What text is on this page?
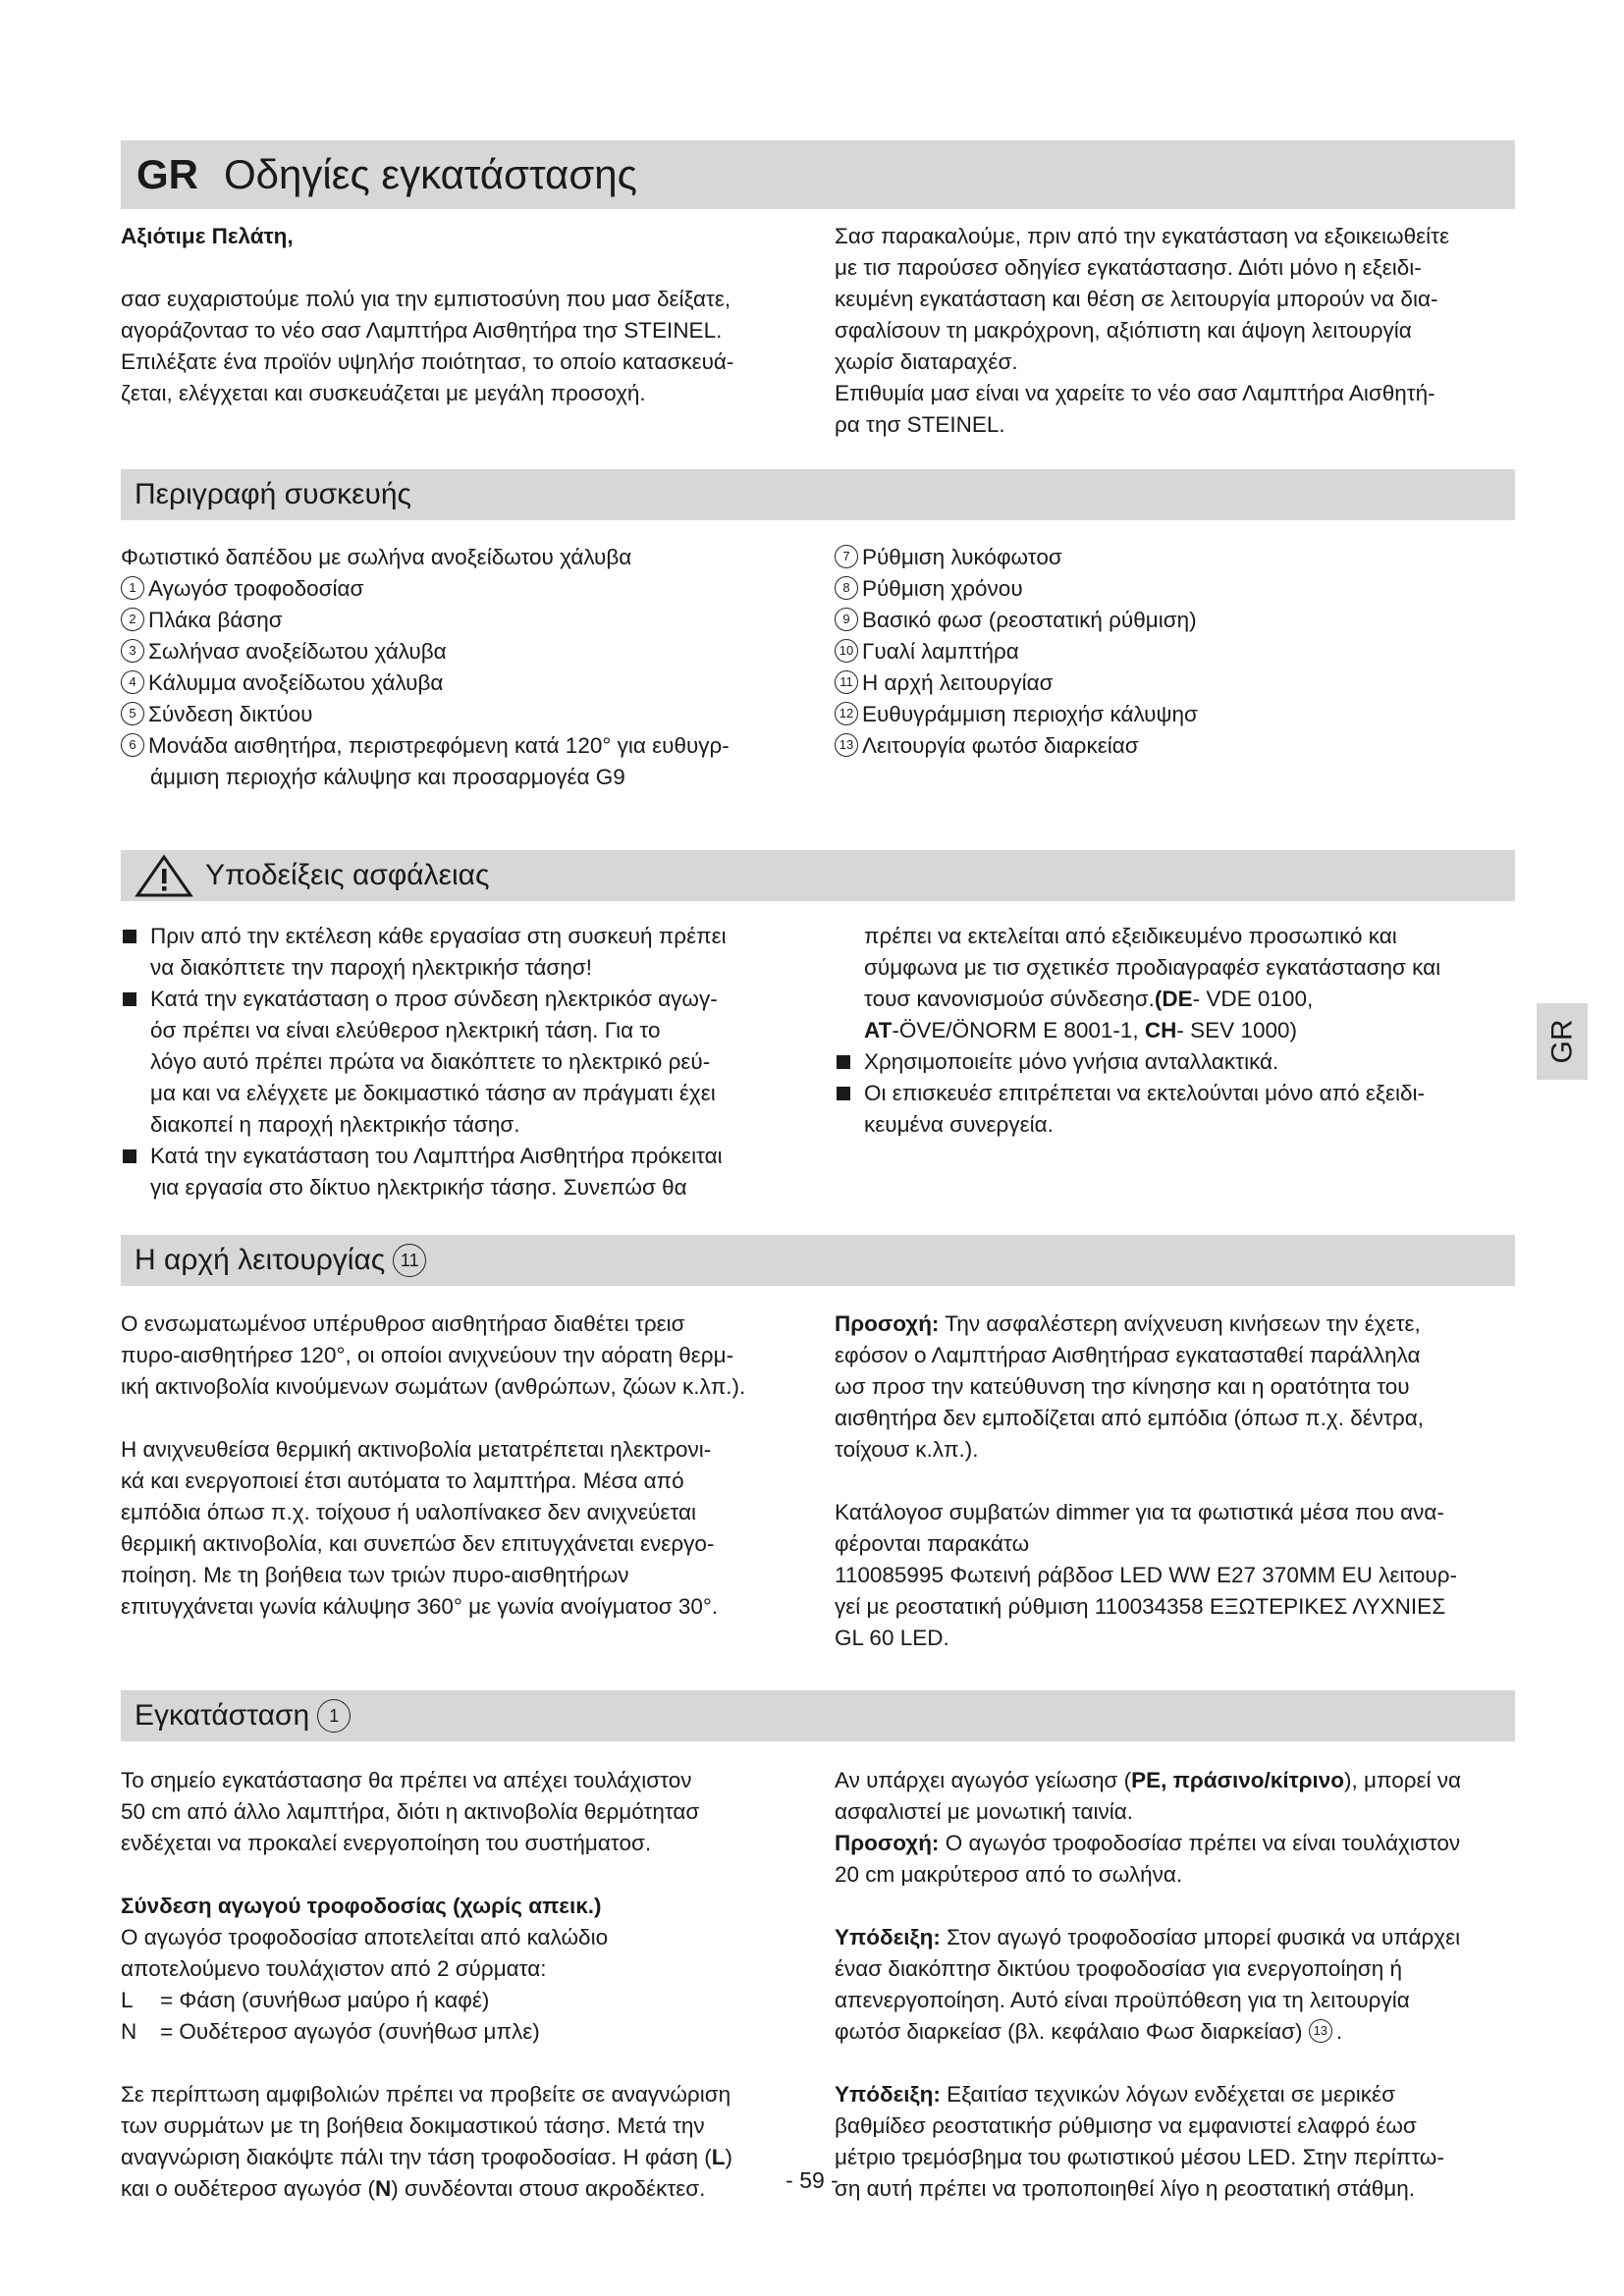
GR Οδηγίες εγκατάστασης

Αξιότιμε Πελάτη,

σασ ευχαριστούμε πολύ για την εμπιστοσύνη που μασ δείξατε,

αγοράζοντασ το νέο σασ Λαμπτήρα Αισθητήρα τησ STEINEL.

Επιλέξατε ένα προϊόν υψηλήσ ποιότητασ, το οποίο κατασκευά-

ζεται, ελέγχεται και συσκευάζεται με μεγάλη προσοχή.

Σασ παρακαλούμε, πριν από την εγκατάσταση να εξοικειωθείτε

με τισ παρούσεσ οδηγίεσ εγκατάστασησ. Διότι μόνο η εξειδι-

κευμένη εγκατάσταση και θέση σε λειτουργία μπορούν να δια-

σφαλίσουν τη μακρόχρονη, αξιόπιστη και άψογη λειτουργία

χωρίσ διαταραχέσ.

Επιθυμία μασ είναι να χαρείτε το νέο σασ Λαμπτήρα Αισθητή-

ρα τησ STEINEL.

Περιγραφή συσκευής

Φωτιστικό δαπέδου με σωλήνα ανοξείδωτου χάλυβα

1 Αγωγόσ τροφοδοσίασ

2 Πλάκα βάσησ

3 Σωλήνασ ανοξείδωτου χάλυβα

4 Κάλυμμα ανοξείδωτου χάλυβα

5 Σύνδεση δικτύου

6 Μονάδα αισθητήρα, περιστρεφόμενη κατά 120° για ευθυγρ-

άμμιση περιοχήσ κάλυψησ και προσαρμογέα G9

7 Ρύθμιση λυκόφωτοσ

8 Ρύθμιση χρόνου

9 Βασικό φωσ (ρεοστατική ρύθμιση)

10 Γυαλί λαμπτήρα

11 Η αρχή λειτουργίασ

12 Ευθυγράμμιση περιοχήσ κάλυψησ

13 Λειτουργία φωτόσ διαρκείασ

Υποδείξεις ασφάλειας

Πριν από την εκτέλεση κάθε εργασίασ στη συσκευή πρέπει

να διακόπτετε την παροχή ηλεκτρικήσ τάσησ!

Κατά την εγκατάσταση ο προσ σύνδεση ηλεκτρικόσ αγωγ-

όσ πρέπει να είναι ελεύθεροσ ηλεκτρική τάση. Για το

λόγο αυτό πρέπει πρώτα να διακόπτετε το ηλεκτρικό ρεύ-

μα και να ελέγχετε με δοκιμαστικό τάσησ αν πράγματι έχει

διακοπεί η παροχή ηλεκτρικήσ τάσησ.

Κατά την εγκατάσταση του Λαμπτήρα Αισθητήρα πρόκειται

για εργασία στο δίκτυο ηλεκτρικήσ τάσησ. Συνεπώσ θα

πρέπει να εκτελείται από εξειδικευμένο προσωπικό και

σύμφωνα με τισ σχετικέσ προδιαγραφέσ εγκατάστασησ και

τουσ κανονισμούσ σύνδεσησ.(DE- VDE 0100,

AT-ÖVE/ÖNORM E 8001-1, CH- SEV 1000)

Χρησιμοποιείτε μόνο γνήσια ανταλλακτικά.

Οι επισκευέσ επιτρέπεται να εκτελούνται μόνο από εξειδι-

κευμένα συνεργεία.

GR
Η αρχή λειτουργίας 11

Ο ενσωματωμένοσ υπέρυθροσ αισθητήρασ διαθέτει τρεισ

πυρο-αισθητήρεσ 120°, οι οποίοι ανιχνεύουν την αόρατη θερμ-

ική ακτινοβολία κινούμενων σωμάτων (ανθρώπων, ζώων κ.λπ.).

Η ανιχνευθείσα θερμική ακτινοβολία μετατρέπεται ηλεκτρονι-

κά και ενεργοποιεί έτσι αυτόματα το λαμπτήρα. Μέσα από

εμπόδια όπωσ π.χ. τοίχουσ ή υαλοπίνακεσ δεν ανιχνεύεται

θερμική ακτινοβολία, και συνεπώσ δεν επιτυγχάνεται ενεργο-

ποίηση. Με τη βοήθεια των τριών πυρο-αισθητήρων

επιτυγχάνεται γωνία κάλυψησ 360° με γωνία ανοίγματοσ 30°.

Προσοχή: Την ασφαλέστερη ανίχνευση κινήσεων την έχετε,

εφόσον ο Λαμπτήρασ Αισθητήρασ εγκατασταθεί παράλληλα

ωσ προσ την κατεύθυνση τησ κίνησησ και η ορατότητα του

αισθητήρα δεν εμποδίζεται από εμπόδια (όπωσ π.χ. δέντρα,

τοίχουσ κ.λπ.).

Κατάλογοσ συμβατών dimmer για τα φωτιστικά μέσα που ανα-

φέρονται παρακάτω

110085995 Φωτεινή ράβδοσ LED WW E27 370MM EU λειτουρ-

γεί με ρεοστατική ρύθμιση 110034358 ΕΞΩΤΕΡΙΚΕΣ ΛΥΧΝΙΕΣ

GL 60 LED.

Εγκατάσταση	1

Το σημείο εγκατάστασησ θα πρέπει να απέχει τουλάχιστον

50 cm από άλλο λαμπτήρα, διότι η ακτινοβολία θερμότητασ

ενδέχεται να προκαλεί ενεργοποίηση του συστήματοσ.

Σύνδεση αγωγού τροφοδοσίας (χωρίς απεικ.)

Ο αγωγόσ τροφοδοσίασ αποτελείται από καλώδιο

αποτελούμενο τουλάχιστον από 2 σύρματα:

L = Φάση (συνήθωσ μαύρο ή καφέ)

N = Ουδέτεροσ αγωγόσ (συνήθωσ μπλε)

Σε περίπτωση αμφιβολιών πρέπει να προβείτε σε αναγνώριση

των συρμάτων με τη βοήθεια δοκιμαστικού τάσησ. Μετά την

αναγνώριση διακόψτε πάλι την τάση τροφοδοσίασ. Η φάση (L)

και ο ουδέτεροσ αγωγόσ (N) συνδέονται στουσ ακροδέκτεσ.

Αν υπάρχει αγωγόσ γείωσησ (PE, πράσινο/κίτρινο), μπορεί να

ασφαλιστεί με μονωτική ταινία.

Προσοχή: Ο αγωγόσ τροφοδοσίασ πρέπει να είναι τουλάχιστον

20 cm μακρύτεροσ από το σωλήνα.

Υπόδειξη: Στον αγωγό τροφοδοσίασ μπορεί φυσικά να υπάρχει

ένασ διακόπτησ δικτύου τροφοδοσίασ για ενεργοποίηση ή

απενεργοποίηση. Αυτό είναι προϋπόθεση για τη λειτουργία

φωτόσ διαρκείασ (βλ. κεφάλαιο Φωσ διαρκείασ) 13 .

Υπόδειξη: Εξαιτίασ τεχνικών λόγων ενδέχεται σε μερικέσ

βαθμίδεσ ρεοστατικήσ ρύθμισησ να εμφανιστεί ελαφρό έωσ

μέτριο τρεμόσβημα του φωτιστικού μέσου LED. Στην περίπτω-

ση αυτή πρέπει να τροποποιηθεί λίγο η ρεοστατική στάθμη.

- 59 -
